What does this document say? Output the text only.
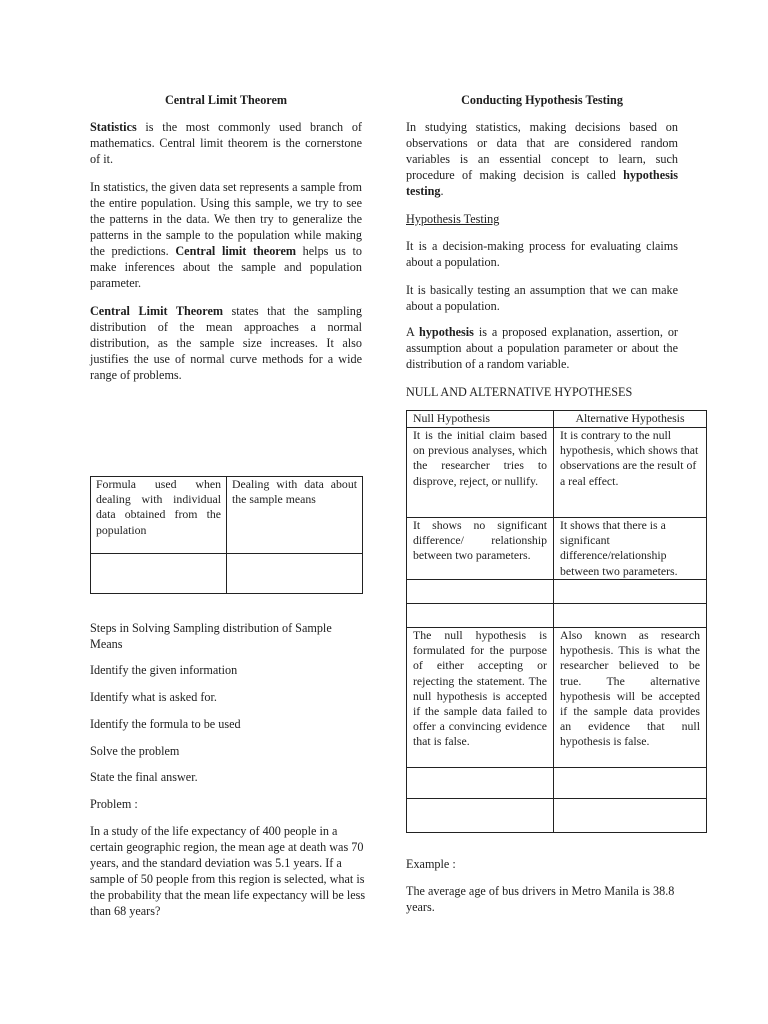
Central Limit Theorem

Statistics is the most commonly used branch of mathematics. Central limit theorem is the cornerstone of it.

In statistics, the given data set represents a sample from the entire population. Using this sample, we try to see the patterns in the data. We then try to generalize the patterns in the sample to the population while making the predictions. Central limit theorem helps us to make inferences about the sample and population parameter.

Central Limit Theorem states that the sampling distribution of the mean approaches a normal distribution, as the sample size increases. It also justifies the use of normal curve methods for a wide range of problems.

Formula used when dealing with individual data obtained from the population	Dealing with data about the sample means

Steps in Solving Sampling distribution of Sample Means

Identify the given information

Identify what is asked for.

Identify the formula to be used

Solve the problem

State the final answer.

Problem :

In a study of the life expectancy of 400 people in a certain geographic region, the mean age at death was 70 years, and the standard deviation was 5.1 years. If a sample of 50 people from this region is selected, what is the probability that the mean life expectancy will be less than 68 years?

Conducting Hypothesis Testing

In studying statistics, making decisions based on observations or data that are considered random variables is an essential concept to learn, such procedure of making decision is called hypothesis testing.

Hypothesis Testing

It is a decision-making process for evaluating claims about a population.

It is basically testing an assumption that we can make about a population.

A hypothesis is a proposed explanation, assertion, or assumption about a population parameter or about the distribution of a random variable.

NULL AND ALTERNATIVE HYPOTHESES

Null Hypothesis	Alternative Hypothesis
It is the initial claim based on previous analyses, which the researcher tries to disprove, reject, or nullify.	It is contrary to the null hypothesis, which shows that observations are the result of a real effect.
It shows no significant difference/ relationship between two parameters.	It shows that there is a significant difference/relationship between two parameters.

The null hypothesis is formulated for the purpose of either accepting or rejecting the statement. The null hypothesis is accepted if the sample data failed to offer a convincing evidence that is false.	Also known as research hypothesis. This is what the researcher believed to be true. The alternative hypothesis will be accepted if the sample data provides an evidence that null hypothesis is false.

Example :

The average age of bus drivers in Metro Manila is 38.8 years.
